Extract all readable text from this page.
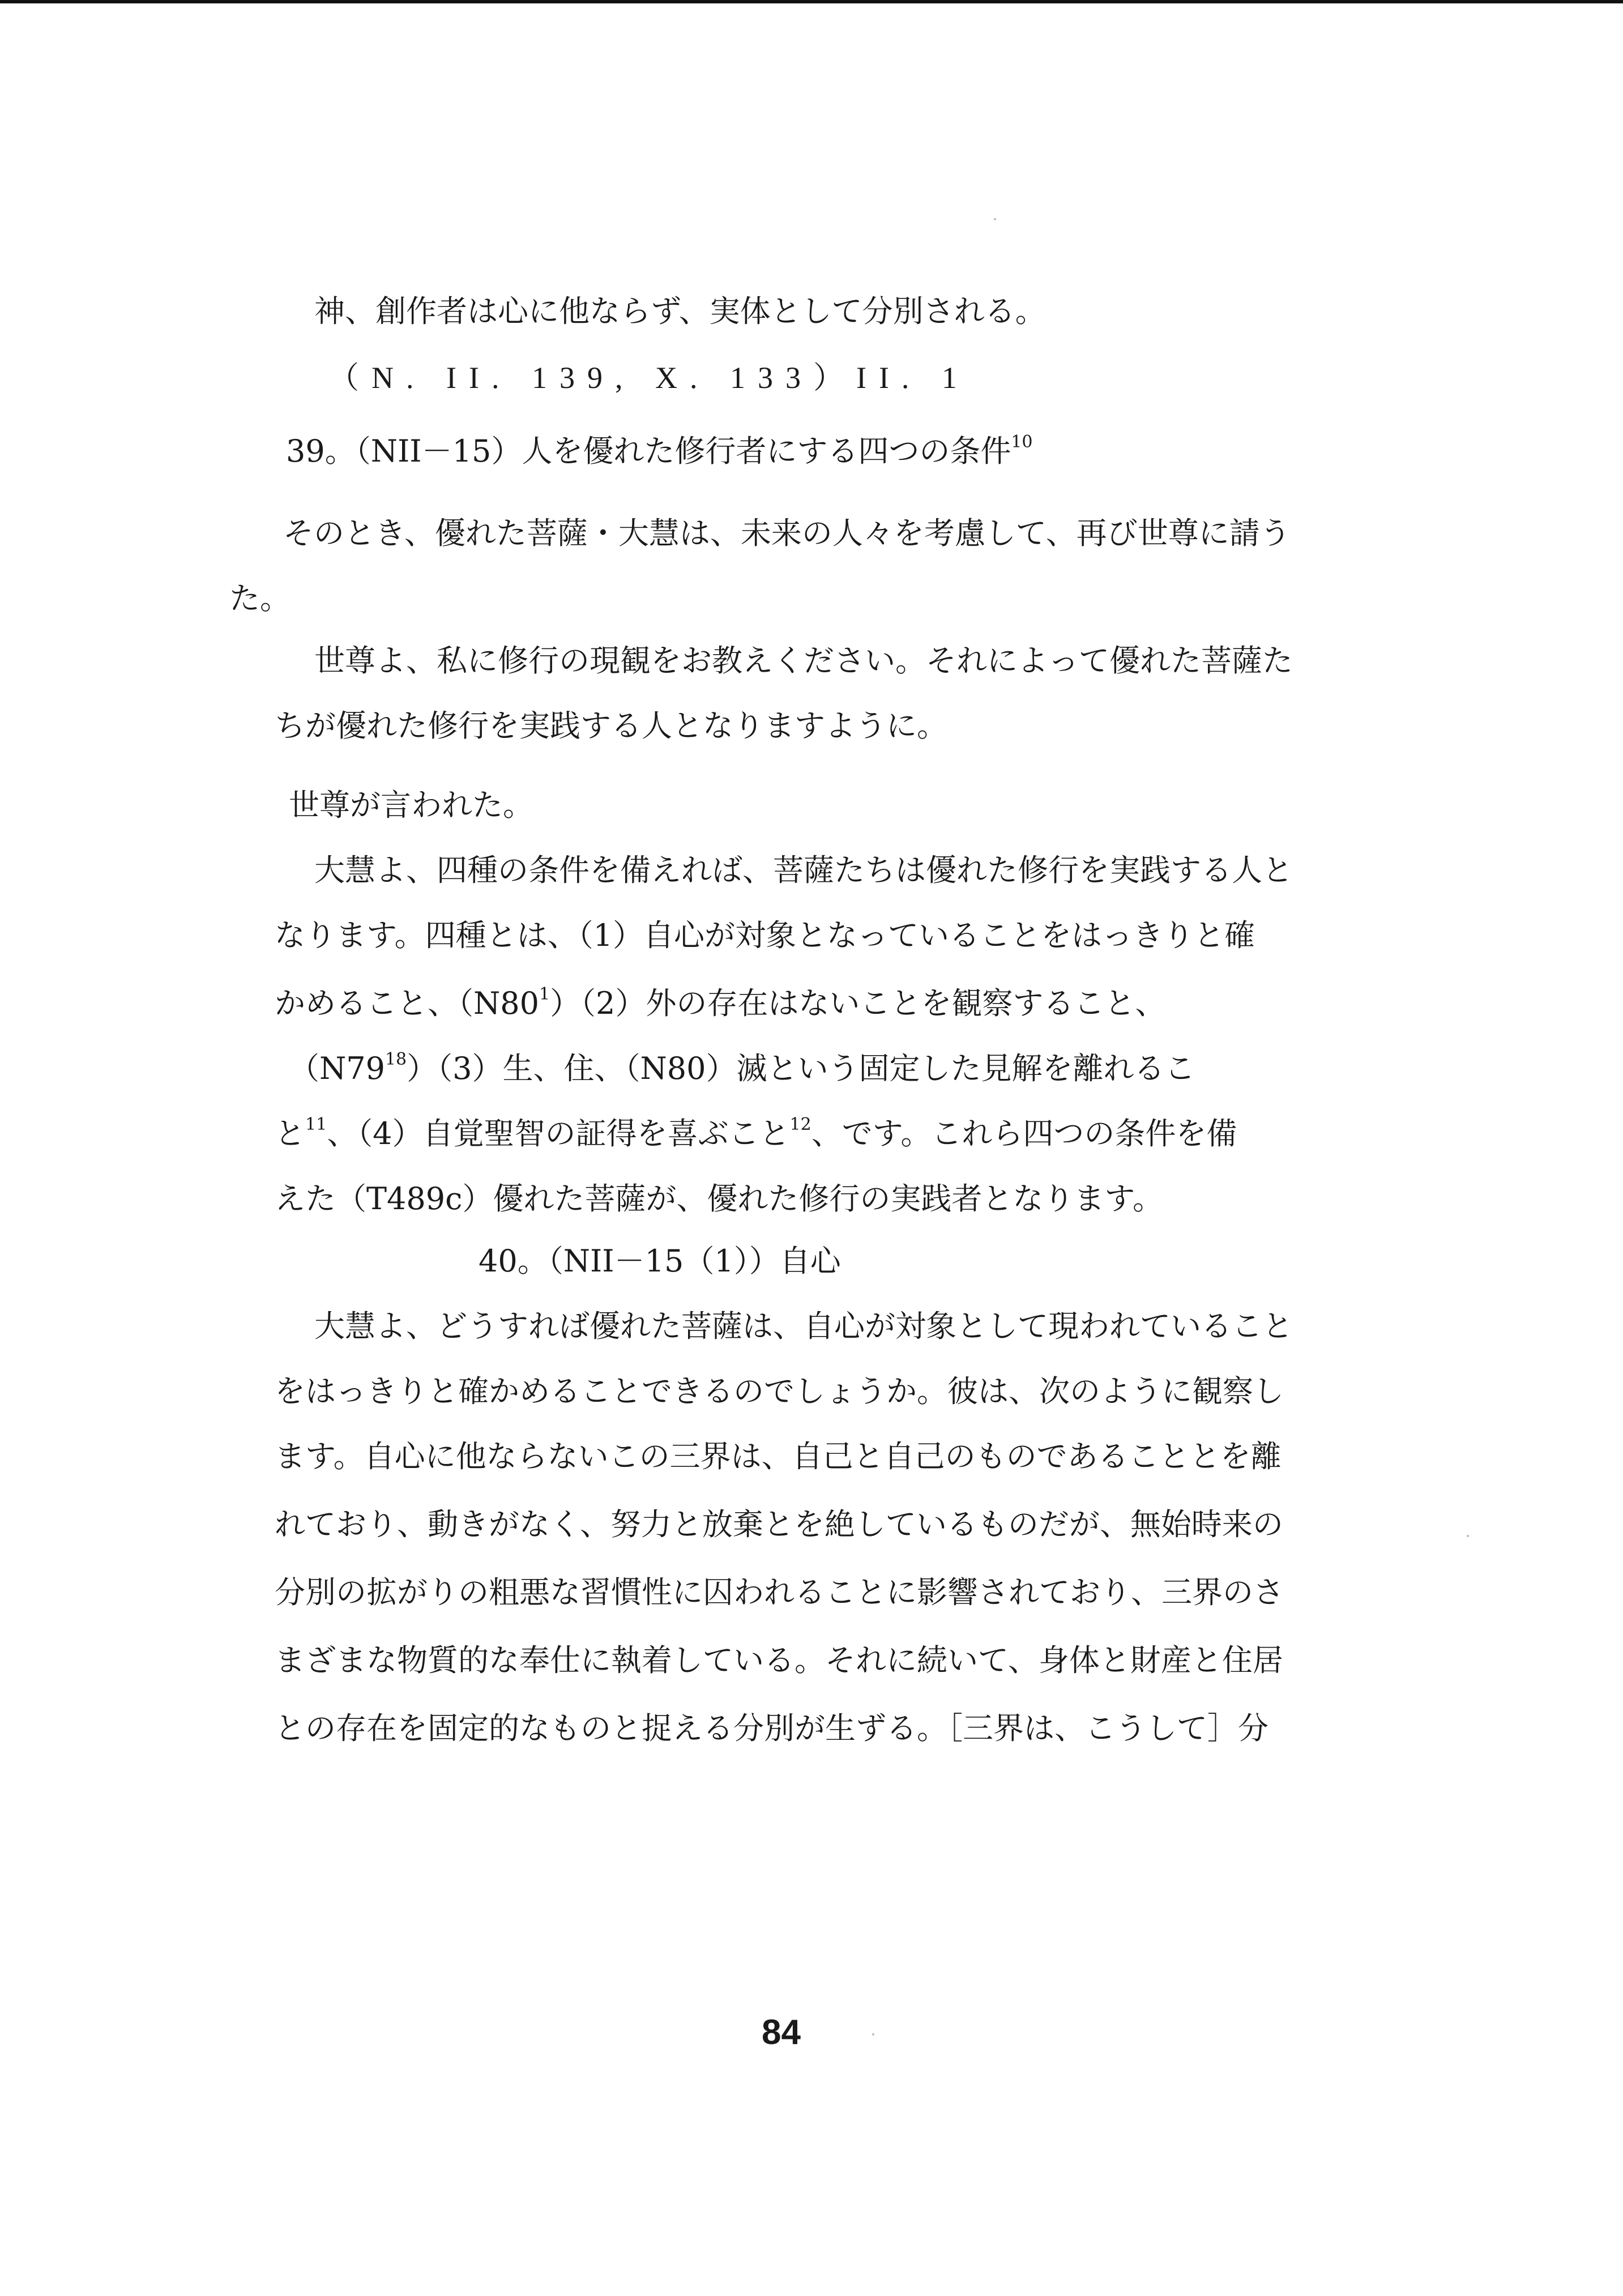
神、創作者は心に他ならず、実体として分別される。
（N. II. 139, X. 133）II. 1
39。（NII－15）人を優れた修行者にする四つの条件$^{10}$
そのとき、優れた菩薩・大慧は、未来の人々を考慮して、再び世尊に請う
た。
世尊よ、私に修行の現観をお教えください。それによって優れた菩薩た
ちが優れた修行を実践する人となりますように。
世尊が言われた。
大慧よ、四種の条件を備えれば、菩薩たちは優れた修行を実践する人と
なります。四種とは、（1）自心が対象となっていることをはっきりと確
かめること、$(N80^1)(2)$外の存在はないことを観察すること、
$(N79^{18})(3)$生、住、（N80）滅という固定した見解を離れるこ
と$^{11}$、（4）自覚聖智の証得を喜ぶこと$^{12}$、です。これら四つの条件を備
えた（T489c）優れた菩薩が、優れた修行の実践者となります。
40。（NII－15（1））自心
大慧よ、どうすれば優れた菩薩は、自心が対象として現われていること
をはっきりと確かめることできるのでしょうか。彼は、次のように観察し
ます。自心に他ならないこの三界は、自己と自己のものであることとを離
れており、動きがなく、努力と放棄とを絶しているものだが、無始時来の
分別の拡がりの粗悪な習慣性に囚われることに影響されており、三界のさ
まざまな物質的な奉仕に執着している。それに続いて、身体と財産と住居
との存在を固定的なものと捉える分別が生ずる。［三界は、こうして］分
84
